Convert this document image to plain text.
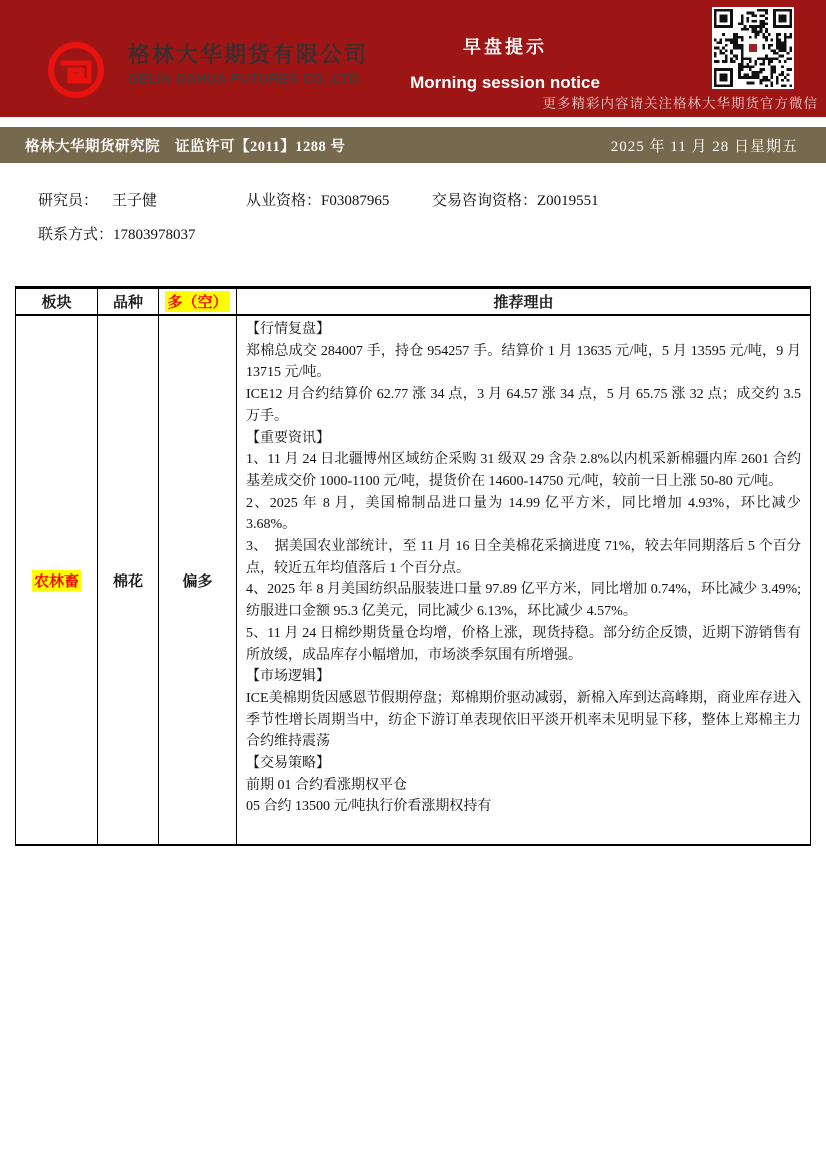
格林大华期货有限公司
GELIN DAHUA FUTURES CO.,LTD.
早盘提示
Morning session notice
更多精彩内容请关注格林大华期货官方微信
格林大华期货研究院　证监许可【2011】1288 号	2025 年 11 月 28 日星期五
研究员： 王子健	从业资格：F03087965	交易咨询资格：Z0019551
联系方式：17803978037
板块	品种	多（空）	推荐理由
农林畜	棉花	偏多
【行情复盘】
郑棉总成交 284007 手，持仓 954257 手。结算价 1 月 13635 元/吨，5 月 13595 元/吨，9 月 13715 元/吨。
ICE12 月合约结算价 62.77 涨 34 点，3 月 64.57 涨 34 点，5 月 65.75 涨 32 点；成交约 3.5 万手。
【重要资讯】
1、11 月 24 日北疆博州区域纺企采购 31 级双 29 含杂 2.8%以内机采新棉疆内库 2601 合约基差成交价 1000-1100 元/吨，提货价在 14600-14750 元/吨，较前一日上涨 50-80 元/吨。
2、2025 年 8 月，美国棉制品进口量为 14.99 亿平方米，同比增加 4.93%，环比减少 3.68%。
3、　据美国农业部统计，至 11 月 16 日全美棉花采摘进度 71%，较去年同期落后 5 个百分点，较近五年均值落后 1 个百分点。
4、2025 年 8 月美国纺织品服装进口量 97.89 亿平方米，同比增加 0.74%，环比减少 3.49%;纺服进口金额 95.3 亿美元，同比减少 6.13%，环比减少 4.57%。
5、11 月 24 日棉纱期货量仓均增，价格上涨，现货持稳。部分纺企反馈，近期下游销售有所放缓，成品库存小幅增加，市场淡季氛围有所增强。
【市场逻辑】
ICE美棉期货因感恩节假期停盘；郑棉期价驱动减弱，新棉入库到达高峰期，商业库存进入季节性增长周期当中，纺企下游订单表现依旧平淡开机率未见明显下移，整体上郑棉主力合约维持震荡
【交易策略】
前期 01 合约看涨期权平仓
05 合约 13500 元/吨执行价看涨期权持有
